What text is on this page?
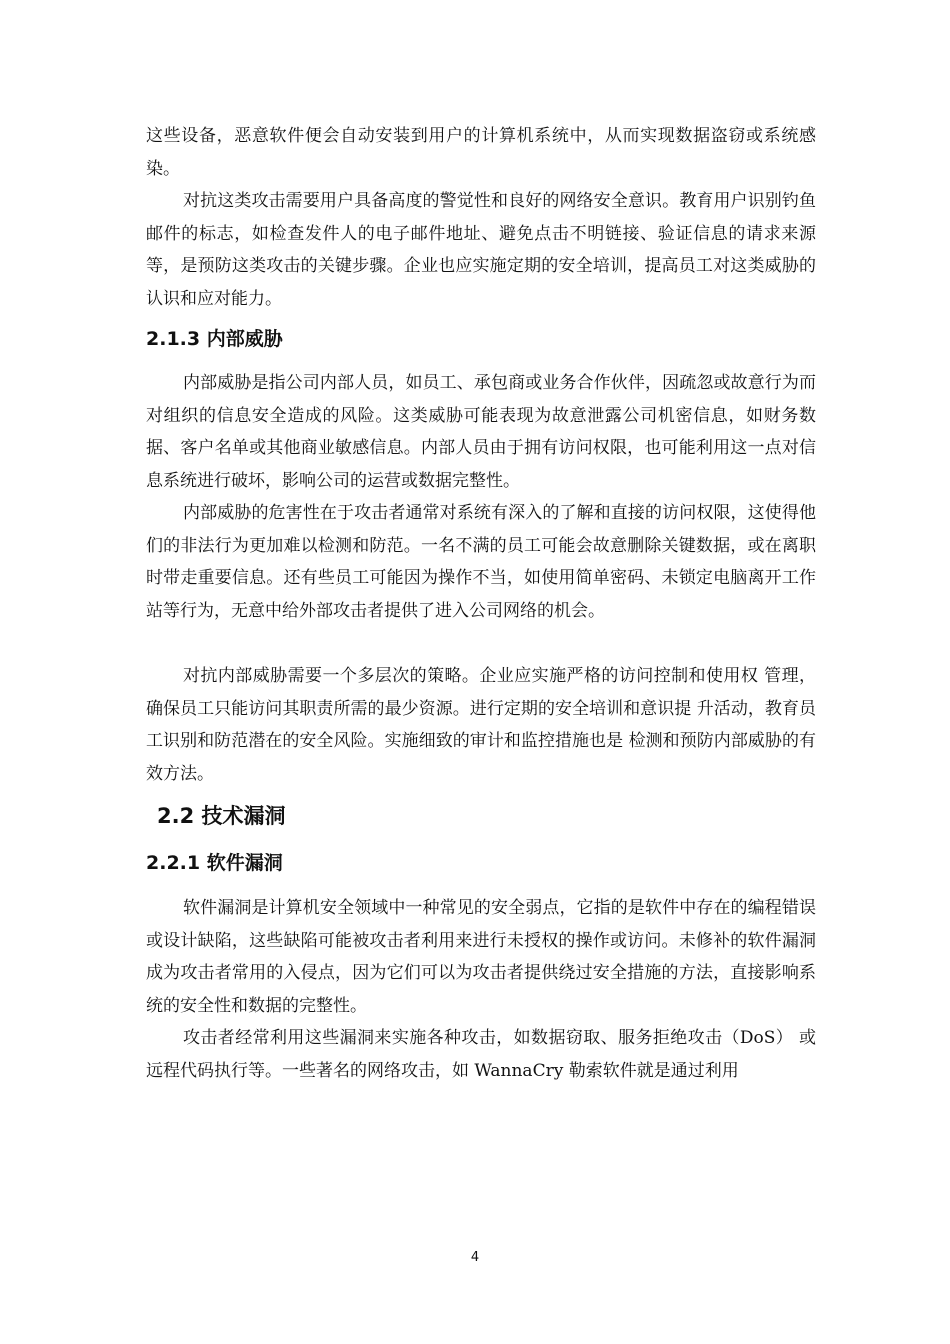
这些设备，恶意软件便会自动安装到用户的计算机系统中，从而实现数据盗窃或系统感染。

对抗这类攻击需要用户具备高度的警觉性和良好的网络安全意识。教育用户识别钓鱼邮件的标志，如检查发件人的电子邮件地址、避免点击不明链接、验证信息的请求来源等，是预防这类攻击的关键步骤。企业也应实施定期的安全培训，提高员工对这类威胁的认识和应对能力。

2.1.3 内部威胁

内部威胁是指公司内部人员，如员工、承包商或业务合作伙伴，因疏忽或故意行为而对组织的信息安全造成的风险。这类威胁可能表现为故意泄露公司机密信息，如财务数据、客户名单或其他商业敏感信息。内部人员由于拥有访问权限，也可能利用这一点对信息系统进行破坏，影响公司的运营或数据完整性。

内部威胁的危害性在于攻击者通常对系统有深入的了解和直接的访问权限，这使得他们的非法行为更加难以检测和防范。一名不满的员工可能会故意删除关键数据，或在离职时带走重要信息。还有些员工可能因为操作不当，如使用简单密码、未锁定电脑离开工作站等行为，无意中给外部攻击者提供了进入公司网络的机会。

对抗内部威胁需要一个多层次的策略。企业应实施严格的访问控制和使用权 管理，确保员工只能访问其职责所需的最少资源。进行定期的安全培训和意识提 升活动，教育员工识别和防范潜在的安全风险。实施细致的审计和监控措施也是 检测和预防内部威胁的有效方法。

2.2 技术漏洞
2.2.1 软件漏洞

软件漏洞是计算机安全领域中一种常见的安全弱点，它指的是软件中存在的编程错误或设计缺陷，这些缺陷可能被攻击者利用来进行未授权的操作或访问。未修补的软件漏洞成为攻击者常用的入侵点，因为它们可以为攻击者提供绕过安全措施的方法，直接影响系统的安全性和数据的完整性。

攻击者经常利用这些漏洞来实施各种攻击，如数据窃取、服务拒绝攻击（DoS） 或远程代码执行等。一些著名的网络攻击，如 WannaCry 勒索软件就是通过利用

4
